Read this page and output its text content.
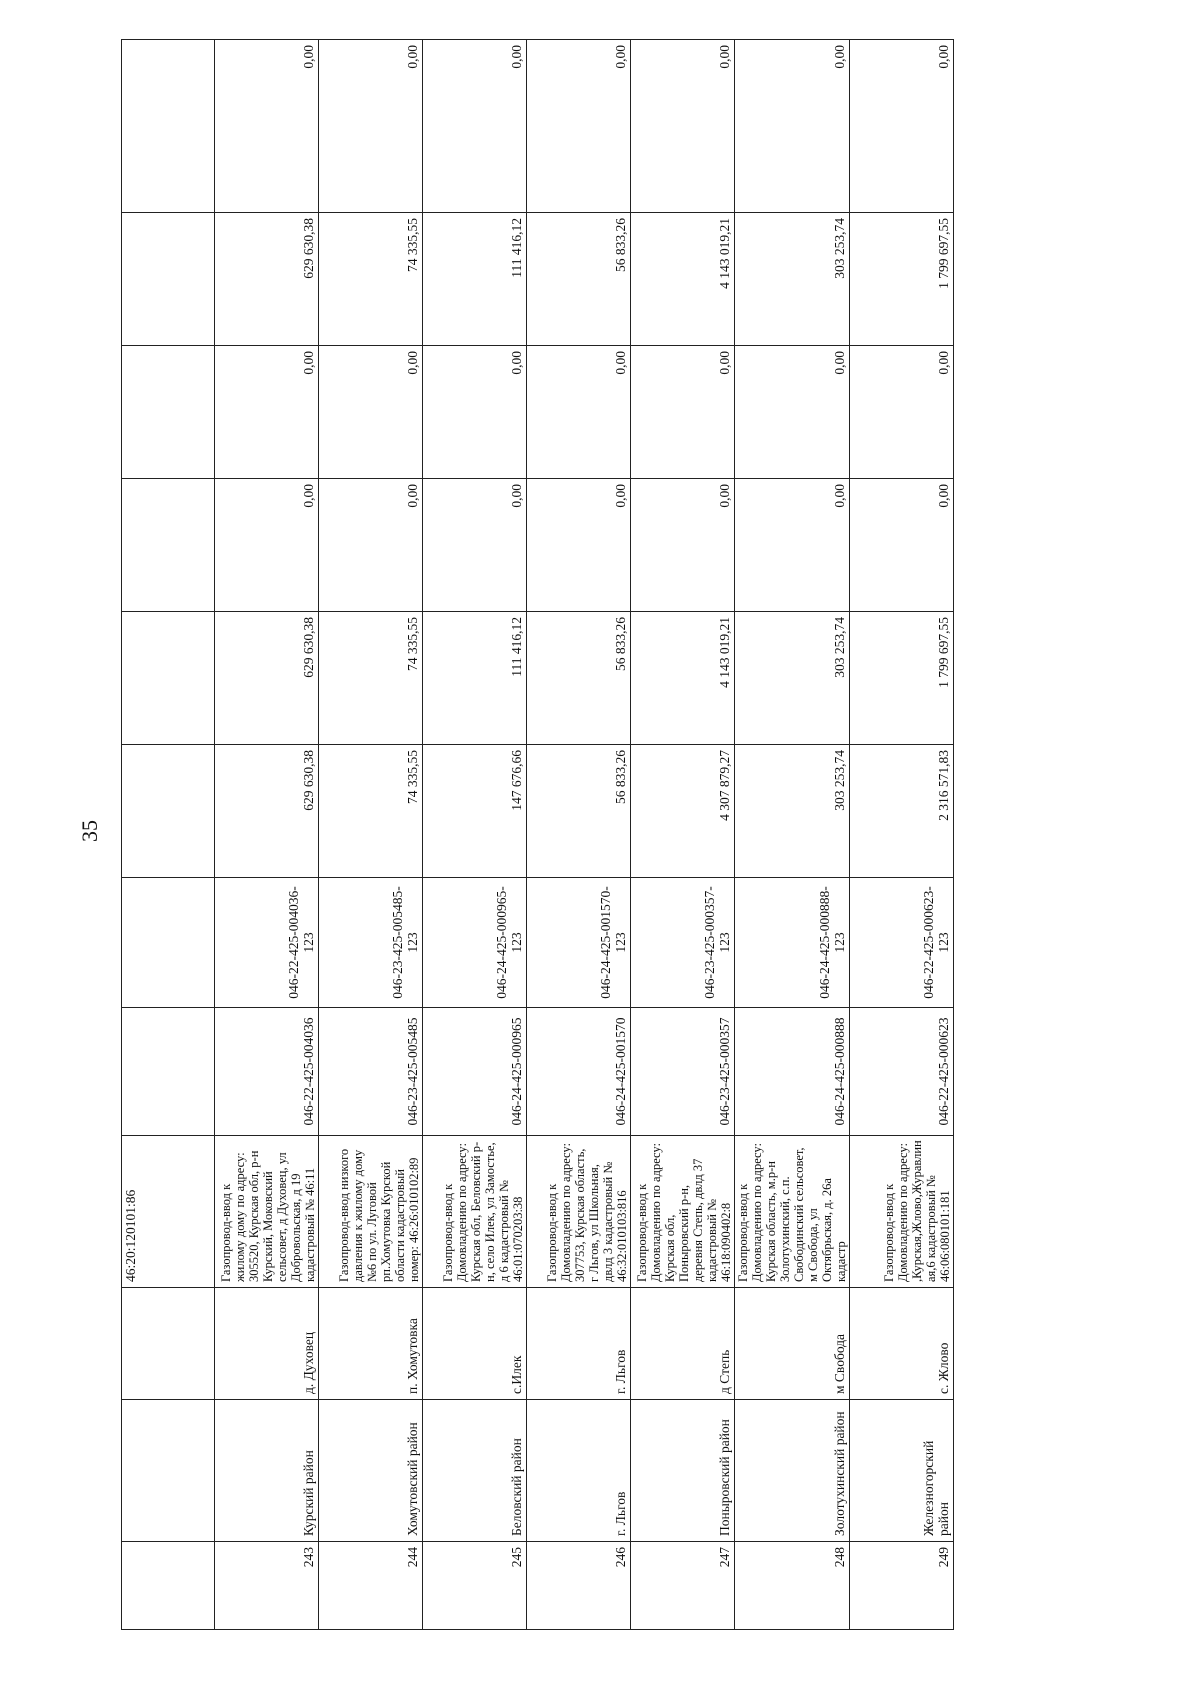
35
			46:20:120101:86								
243	Курский район	д. Духовец	Газопровод-ввод к жилому дому по адресу: 305520, Курская обл, р-н Курский, Моковский сельсовет, д Духовец, ул Добровольская, д 19 кадастровый № 46:11	046-22-425-004036	046-22-425-004036-123	629 630,38	629 630,38	0,00	0,00	629 630,38	0,00
244	Хомутовский район	п. Хомутовка	Газопровод-ввод низкого давления к жилому дому №6 по ул. Луговой рп.Хомутовка Курской области кадастровый номер: 46:26:010102:89	046-23-425-005485	046-23-425-005485-123	74 335,55	74 335,55	0,00	0,00	74 335,55	0,00
245	Беловский район	с.Илек	Газопровод-ввод к Домовладению по адресу: Курская обл, Беловский р-н, село Илек, ул Замостье, д 6 кадастровый № 46:01:070203:38	046-24-425-000965	046-24-425-000965-123	147 676,66	111 416,12	0,00	0,00	111 416,12	0,00
246	г. Льгов	г. Льгов	Газопровод-ввод к Домовладению по адресу: 307753, Курская область, г Льгов, ул Школьная, двлд 3 кадастровый № 46:32:010103:816	046-24-425-001570	046-24-425-001570-123	56 833,26	56 833,26	0,00	0,00	56 833,26	0,00
247	Поныровский район	д Степь	Газопровод-ввод к Домовладению по адресу: Курская обл, Поныровский р-н, деревня Степь, двлд 37 кадастровый № 46:18:090402:8	046-23-425-000357	046-23-425-000357-123	4 307 879,27	4 143 019,21	0,00	0,00	4 143 019,21	0,00
248	Золотухинский район	м Свобода	Газопровод-ввод к Домовладению по адресу: Курская область, м.р-н Золотухинский, с.п. Свободинский сельсовет, м Свобода, ул Октябрьская, д. 26а кадастр	046-24-425-000888	046-24-425-000888-123	303 253,74	303 253,74	0,00	0,00	303 253,74	0,00
249	Железногорский район	с. Жлово	Газопровод-ввод к Домовладению по адресу: ,Курская,Жлово,Журавлин ая,6 кадастровый № 46:06:080101:181	046-22-425-000623	046-22-425-000623-123	2 316 571,83	1 799 697,55	0,00	0,00	1 799 697,55	0,00
